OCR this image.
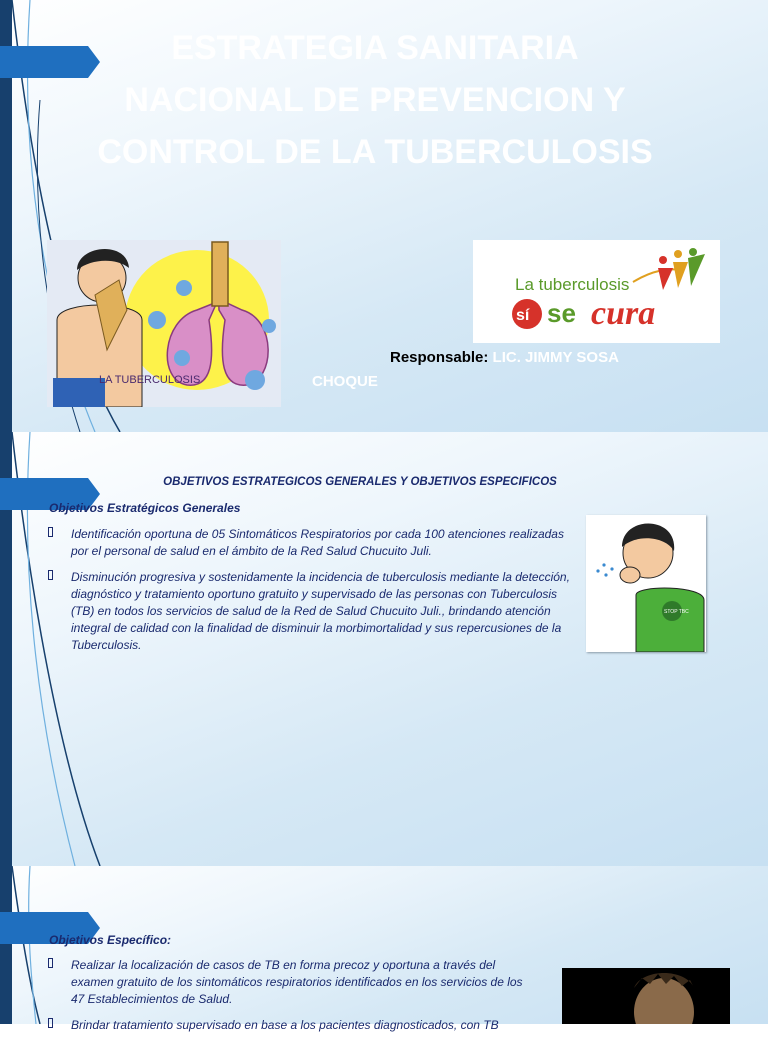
ESTRATEGIA SANITARIA NACIONAL DE PREVENCION Y CONTROL DE LA TUBERCULOSIS
LA TUBERCULOSIS
La tuberculosis
sí se cura
Responsable: LIC. JIMMY SOSA CHOQUE
OBJETIVOS ESTRATEGICOS GENERALES Y OBJETIVOS ESPECIFICOS
Objetivos Estratégicos Generales
Identificación oportuna de 05 Sintomáticos Respiratorios por cada 100 atenciones realizadas por el personal de salud en el ámbito de la Red Salud Chucuito Juli.
Disminución progresiva y sostenidamente la incidencia de tuberculosis mediante la detección, diagnóstico y tratamiento oportuno gratuito y supervisado de las personas con Tuberculosis (TB) en todos los servicios de salud de la Red de Salud Chucuito Juli., brindando atención integral de calidad con la finalidad de disminuir la morbimortalidad y sus repercusiones de la Tuberculosis.
STOP TBC
Objetivos Específico:
Realizar la localización de casos de TB en forma precoz y oportuna a través del examen gratuito de los sintomáticos respiratorios identificados en los servicios de los 47 Establecimientos de Salud.
Brindar tratamiento supervisado en base a los pacientes diagnosticados, con TB
